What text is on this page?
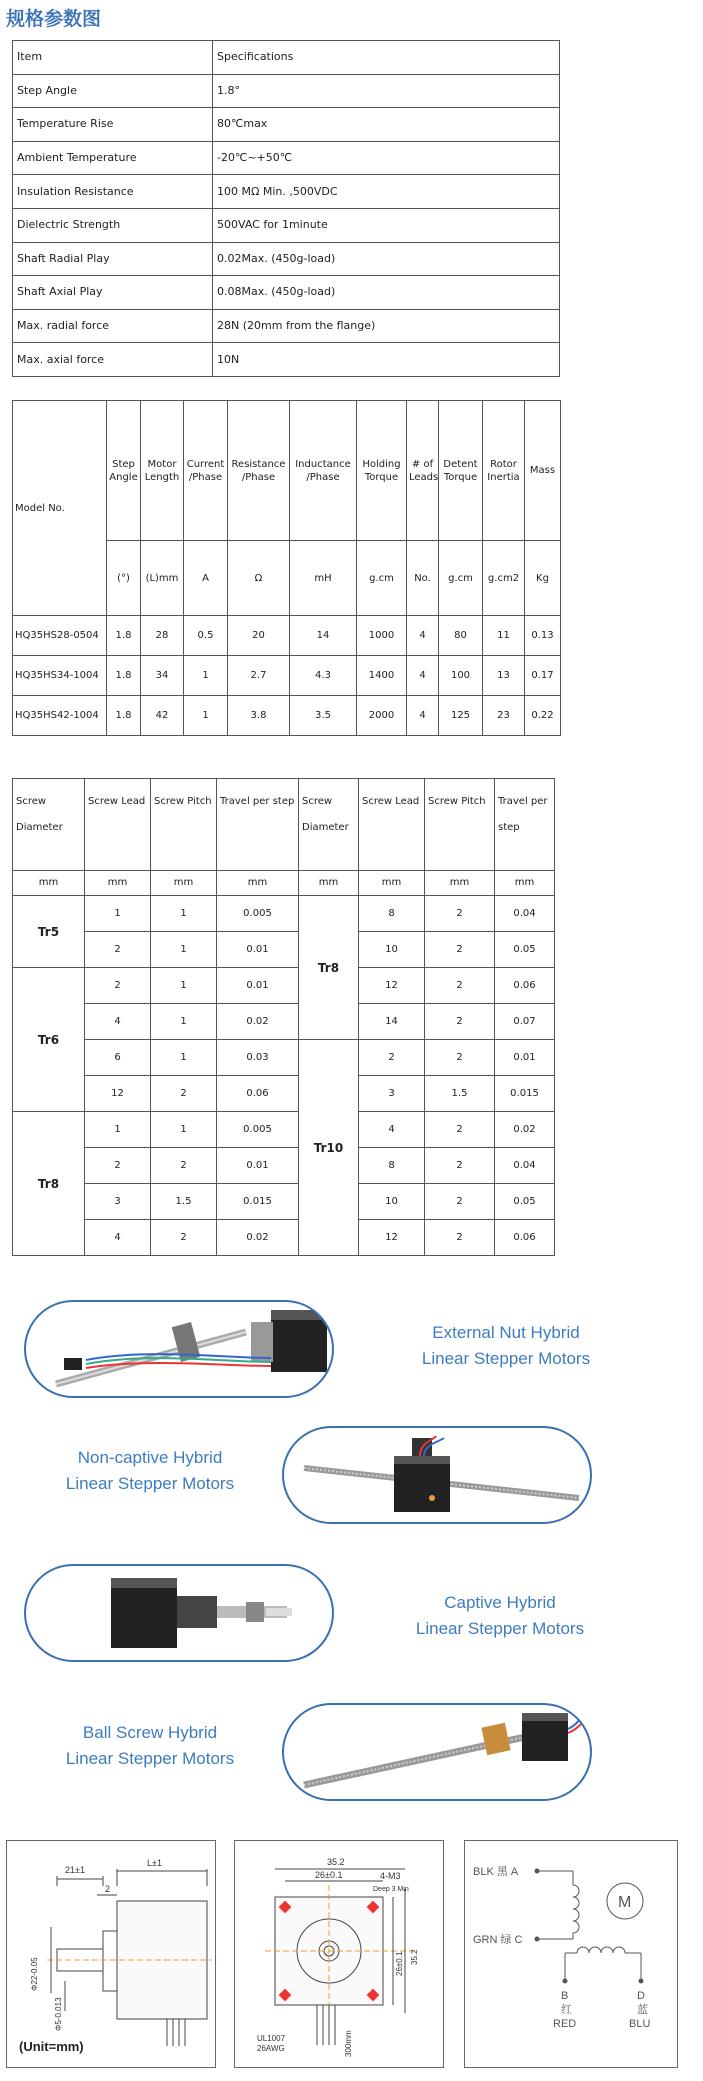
规格参数图
Item	Specifications
Step Angle	1.8°
Temperature Rise	80℃max
Ambient Temperature	-20℃~+50℃
Insulation Resistance	100 MΩ Min. ,500VDC
Dielectric Strength	500VAC for 1minute
Shaft Radial Play	0.02Max. (450g-load)
Shaft Axial Play	0.08Max. (450g-load)
Max. radial force	28N (20mm from the flange)
Max. axial force	10N
Model No.	Step Angle	Motor Length	Current /Phase	Resistance /Phase	Inductance /Phase	Holding Torque	# of Leads	Detent Torque	Rotor Inertia	Mass
	(°)	(L)mm	A	Ω	mH	g.cm	No.	g.cm	g.cm2	Kg
HQ35HS28-0504	1.8	28	0.5	20	14	1000	4	80	11	0.13
HQ35HS34-1004	1.8	34	1	2.7	4.3	1400	4	100	13	0.17
HQ35HS42-1004	1.8	42	1	3.8	3.5	2000	4	125	23	0.22
Screw Diameter	Screw Lead	Screw Pitch	Travel per step	Screw Diameter	Screw Lead	Screw Pitch	Travel per step
mm	mm	mm	mm	mm	mm	mm	mm
Tr5	1	1	0.005	Tr8	8	2	0.04
	2	1	0.01		10	2	0.05
Tr6	2	1	0.01		12	2	0.06
	4	1	0.02		14	2	0.07
	6	1	0.03	Tr10	2	2	0.01
	12	2	0.06		3	1.5	0.015
Tr8	1	1	0.005		4	2	0.02
	2	2	0.01		8	2	0.04
	3	1.5	0.015		10	2	0.05
	4	2	0.02		12	2	0.06
External Nut Hybrid
Linear Stepper Motors
Non-captive Hybrid
Linear Stepper Motors
Captive Hybrid
Linear Stepper Motors
Ball Screw Hybrid
Linear Stepper Motors
21±1
L±1
2
Φ22-0.05
Φ5-0.013
(Unit=mm)
35.2
26±0.1	4-M3
Deep 3 Min
26±0.1 35.2
UL1007
26AWG	300mm
BLK 黑 A
GRN 绿 C
M
B
红
RED
D
蓝
BLU
